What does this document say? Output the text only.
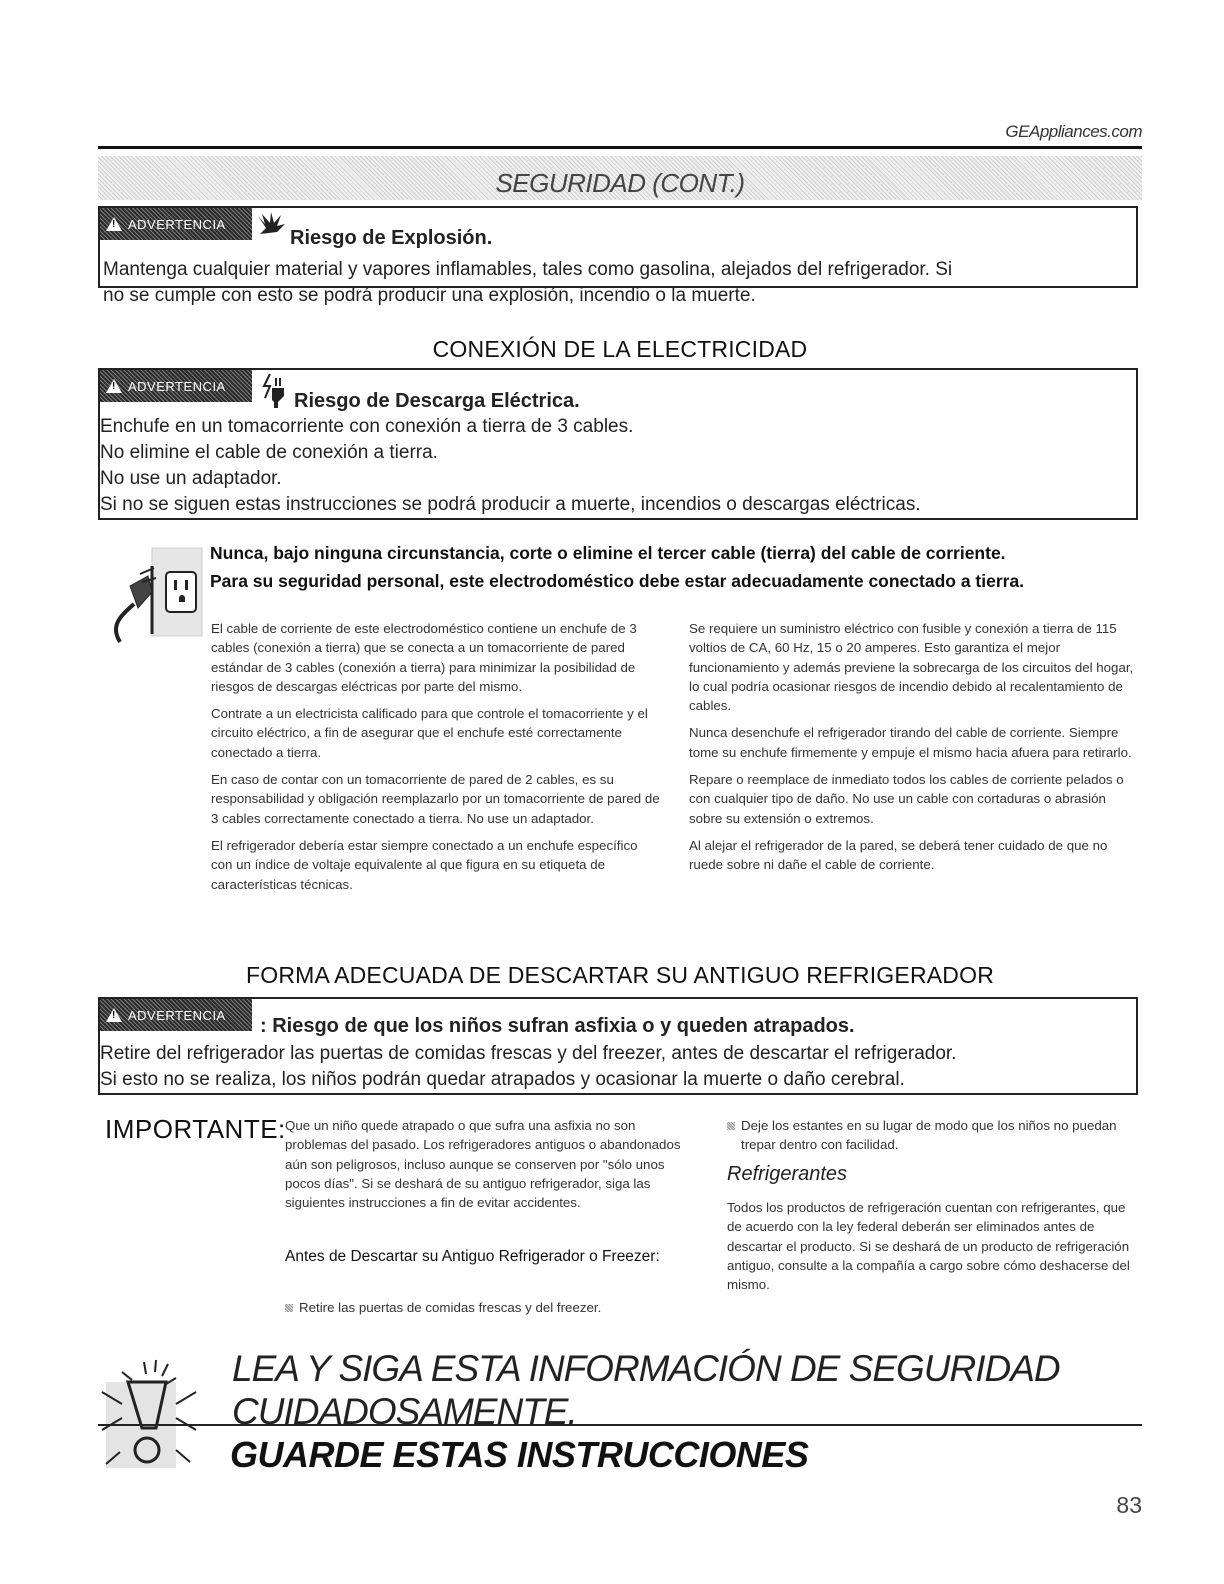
GEAppliances.com
SEGURIDAD (CONT.)
!
ADVERTENCIA
Riesgo de Explosión.
Mantenga cualquier material y vapores inflamables, tales como gasolina, alejados del refrigerador. Si
no se cumple con esto se podrá producir una explosión, incendio o la muerte.
CONEXIÓN DE LA ELECTRICIDAD
!
ADVERTENCIA
Riesgo de Descarga Eléctrica.
Enchufe en un tomacorriente con conexión a tierra de 3 cables.
No elimine el cable de conexión a tierra.
No use un adaptador.
Si no se siguen estas instrucciones se podrá producir a muerte, incendios o descargas eléctricas.
Nunca, bajo ninguna circunstancia, corte o elimine el tercer cable (tierra) del cable de corriente.
Para su seguridad personal, este electrodoméstico debe estar adecuadamente conectado a tierra.

El cable de corriente de este electrodoméstico contiene un enchufe de 3 cables (conexión a tierra) que se conecta a un tomacorriente de pared estándar de 3 cables (conexión a tierra) para minimizar la posibilidad de riesgos de descargas eléctricas por parte del mismo.

Contrate a un electricista calificado para que controle el tomacorriente y el circuito eléctrico, a fin de asegurar que el enchufe esté correctamente conectado a tierra.

En caso de contar con un tomacorriente de pared de 2 cables, es su responsabilidad y obligación reemplazarlo por un tomacorriente de pared de 3 cables correctamente conectado a tierra. No use un adaptador.

El refrigerador debería estar siempre conectado a un enchufe específico con un índice de voltaje equivalente al que figura en su etiqueta de características técnicas.

Se requiere un suministro eléctrico con fusible y conexión a tierra de 115 voltios de CA, 60 Hz, 15 o 20 amperes. Esto garantiza el mejor funcionamiento y además previene la sobrecarga de los circuitos del hogar, lo cual podría ocasionar riesgos de incendio debido al recalentamiento de cables.

Nunca desenchufe el refrigerador tirando del cable de corriente. Siempre tome su enchufe firmemente y empuje el mismo hacia afuera para retirarlo.

Repare o reemplace de inmediato todos los cables de corriente pelados o con cualquier tipo de daño. No use un cable con cortaduras o abrasión sobre su extensión o extremos.

Al alejar el refrigerador de la pared, se deberá tener cuidado de que no ruede sobre ni dañe el cable de corriente.

FORMA ADECUADA DE DESCARTAR SU ANTIGUO REFRIGERADOR
!
ADVERTENCIA : Riesgo de que los niños sufran asfixia o y queden atrapados.
Retire del refrigerador las puertas de comidas frescas y del freezer, antes de descartar el refrigerador.
Si esto no se realiza, los niños podrán quedar atrapados y ocasionar la muerte o daño cerebral.
IMPORTANTE: Que un niño quede atrapado o que sufra una asfixia no son problemas del pasado. Los refrigeradores antiguos o abandonados aún son peligrosos, incluso aunque se conserven por "sólo unos pocos días". Si se deshará de su antiguo refrigerador, siga las siguientes instrucciones a fin de evitar accidentes.
Antes de Descartar su Antiguo Refrigerador o Freezer:
Retire las puertas de comidas frescas y del freezer.
Deje los estantes en su lugar de modo que los niños no puedan trepar dentro con facilidad.
Refrigerantes
Todos los productos de refrigeración cuentan con refrigerantes, que de acuerdo con la ley federal deberán ser eliminados antes de descartar el producto. Si se deshará de un producto de refrigeración antiguo, consulte a la compañía a cargo sobre cómo deshacerse del mismo.
LEA Y SIGA ESTA INFORMACIÓN DE SEGURIDAD
CUIDADOSAMENTE.
GUARDE ESTAS INSTRUCCIONES
83
